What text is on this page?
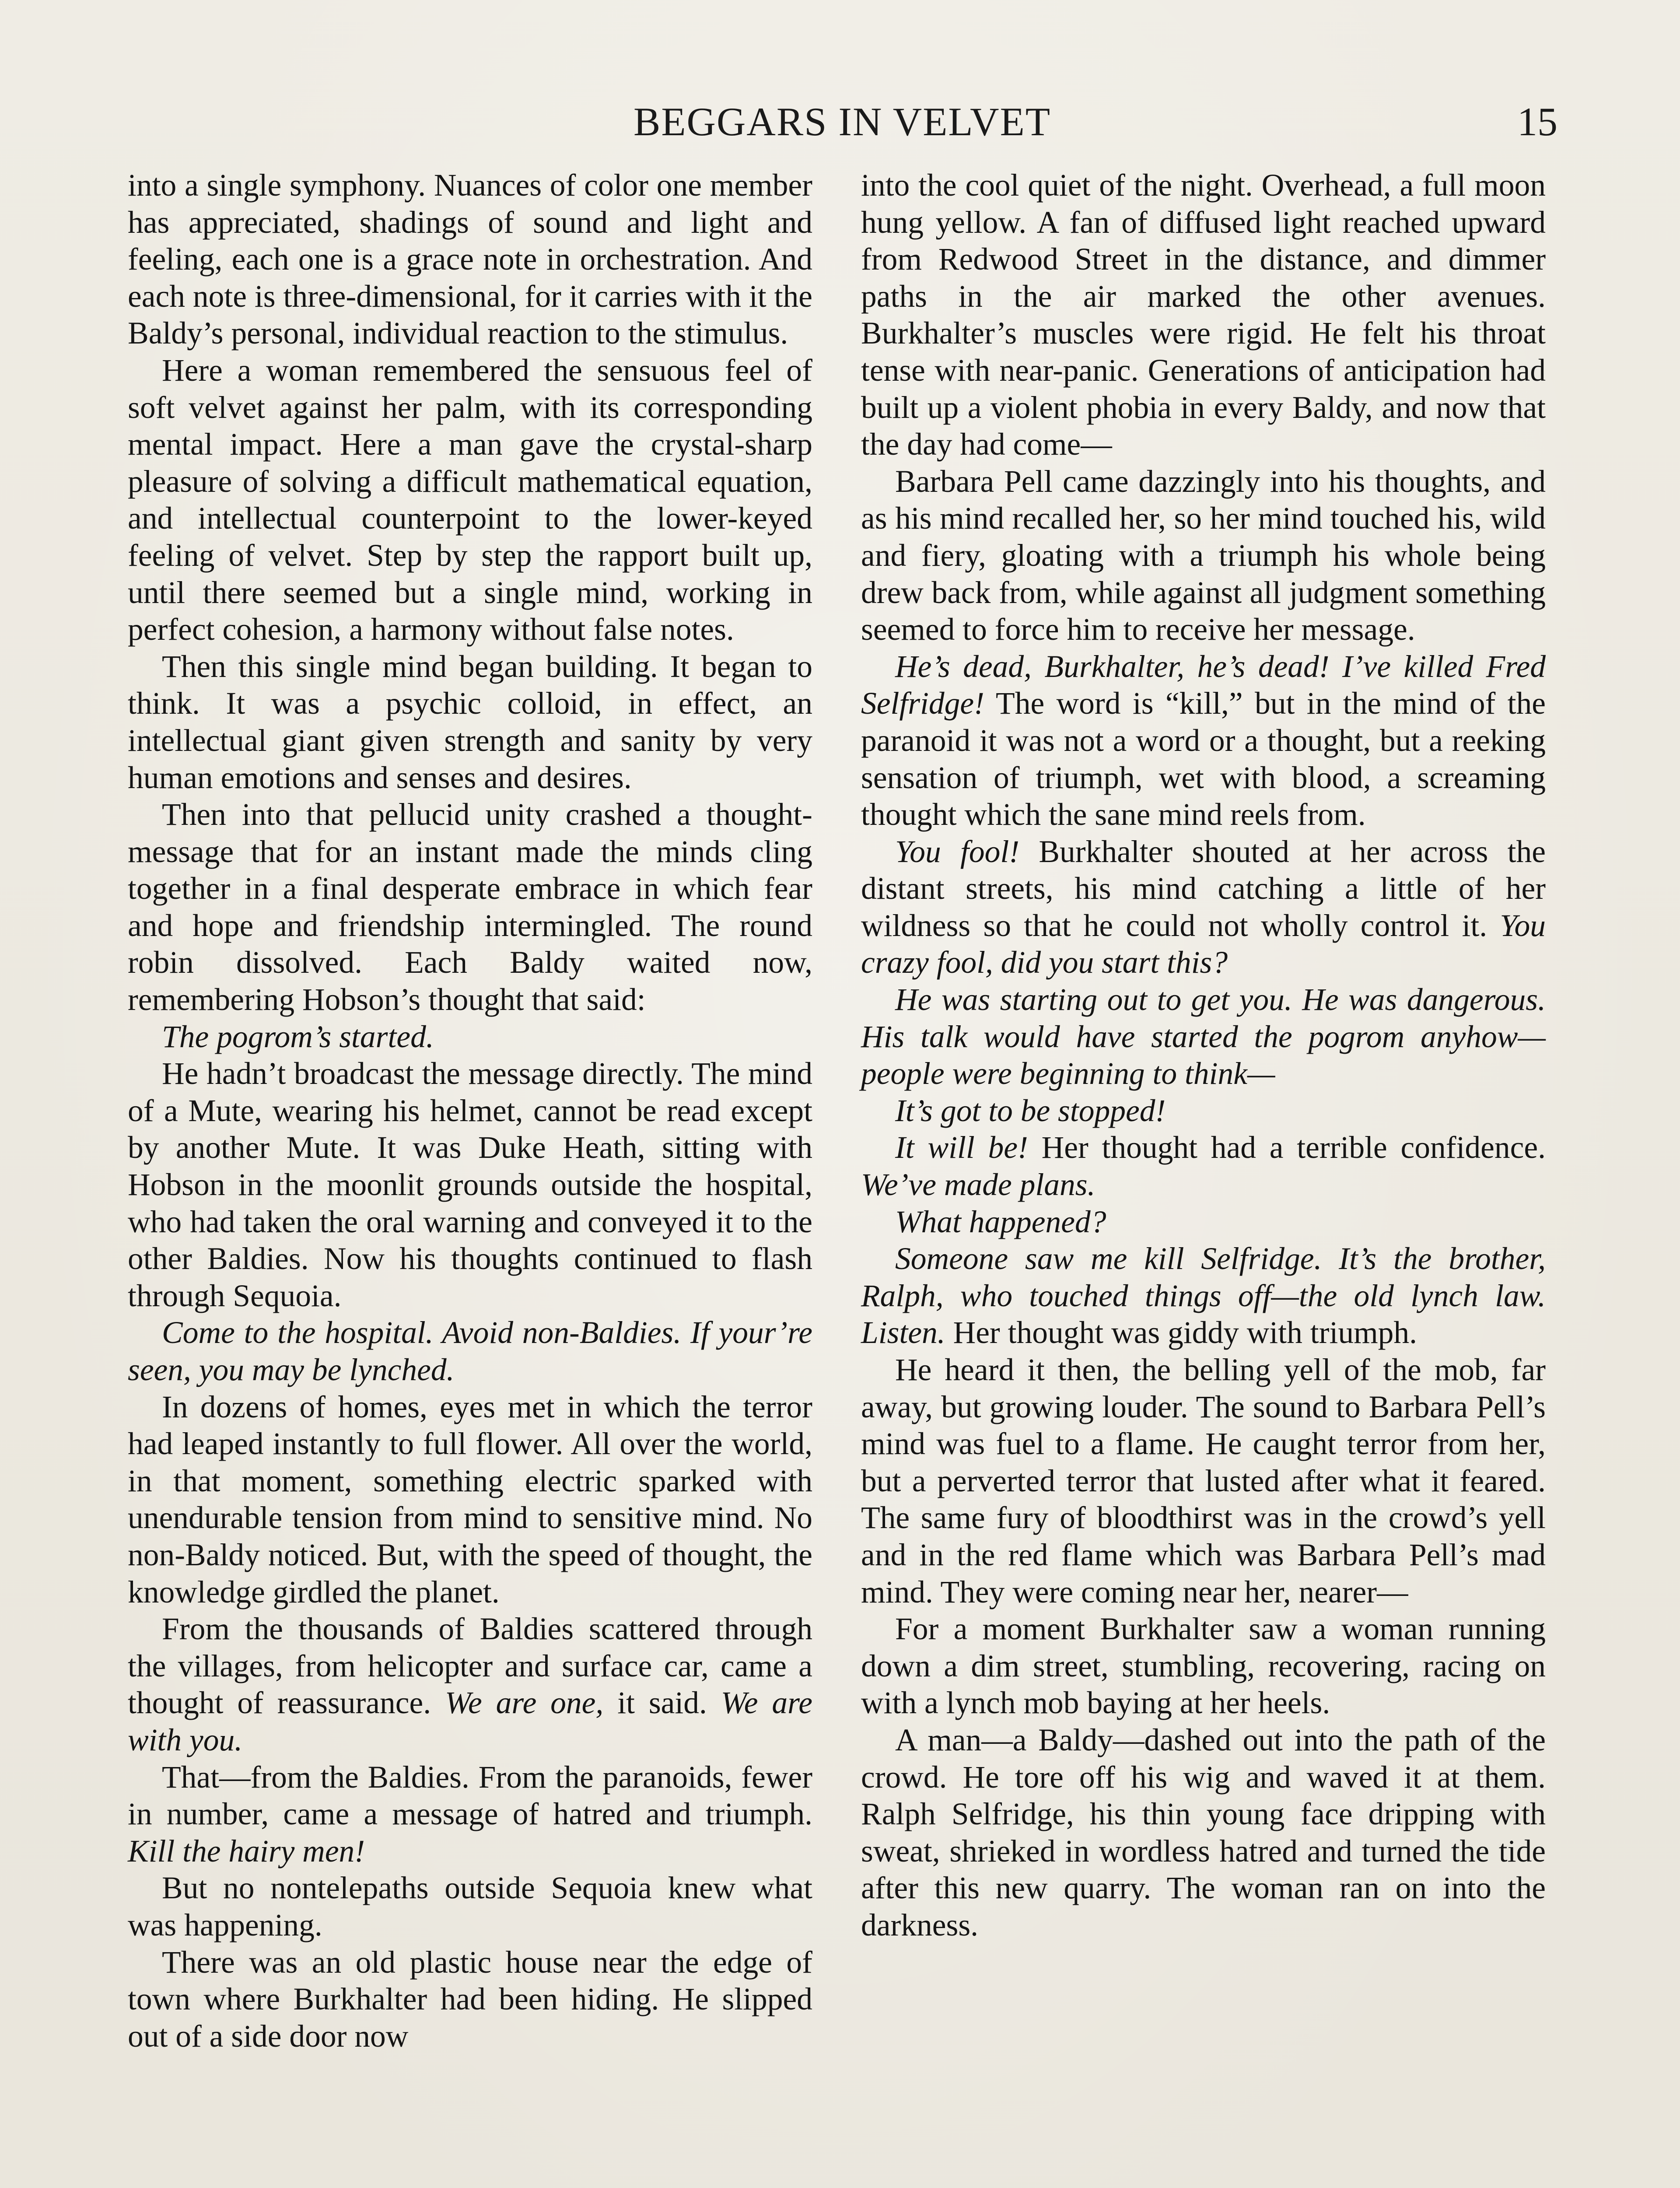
BEGGARS IN VELVET	15

into a single symphony. Nuances of color one member has appreciated, shadings of sound and light and feeling, each one is a grace note in orchestration. And each note is three-dimensional, for it carries with it the Baldy’s personal, individual reaction to the stimulus.

Here a woman remembered the sensuous feel of soft velvet against her palm, with its corresponding mental impact. Here a man gave the crystal-sharp pleasure of solving a difficult mathematical equation, and intellectual counterpoint to the lower-keyed feeling of velvet. Step by step the rapport built up, until there seemed but a single mind, working in perfect cohesion, a harmony without false notes.

Then this single mind began building. It began to think. It was a psychic colloid, in effect, an intellectual giant given strength and sanity by very human emotions and senses and desires.

Then into that pellucid unity crashed a thought-message that for an instant made the minds cling together in a final desperate embrace in which fear and hope and friendship intermingled. The round robin dissolved. Each Baldy waited now, remembering Hobson’s thought that said:

The pogrom’s started.

He hadn’t broadcast the message directly. The mind of a Mute, wearing his helmet, cannot be read except by another Mute. It was Duke Heath, sitting with Hobson in the moonlit grounds outside the hospital, who had taken the oral warning and conveyed it to the other Baldies. Now his thoughts continued to flash through Sequoia.

Come to the hospital. Avoid non-Baldies. If your’re seen, you may be lynched.

In dozens of homes, eyes met in which the terror had leaped instantly to full flower. All over the world, in that moment, something electric sparked with unendurable tension from mind to sensitive mind. No non-Baldy noticed. But, with the speed of thought, the knowledge girdled the planet.

From the thousands of Baldies scattered through the villages, from helicopter and surface car, came a thought of reassurance. We are one, it said. We are with you.

That—from the Baldies. From the paranoids, fewer in number, came a message of hatred and triumph. Kill the hairy men!

But no nontelepaths outside Sequoia knew what was happening.

There was an old plastic house near the edge of town where Burkhalter had been hiding. He slipped out of a side door now

into the cool quiet of the night. Overhead, a full moon hung yellow. A fan of diffused light reached upward from Redwood Street in the distance, and dimmer paths in the air marked the other avenues. Burkhalter’s muscles were rigid. He felt his throat tense with near-panic. Generations of anticipation had built up a violent phobia in every Baldy, and now that the day had come—

Barbara Pell came dazzingly into his thoughts, and as his mind recalled her, so her mind touched his, wild and fiery, gloating with a triumph his whole being drew back from, while against all judgment something seemed to force him to receive her message.

He’s dead, Burkhalter, he’s dead! I’ve killed Fred Selfridge! The word is “kill,” but in the mind of the paranoid it was not a word or a thought, but a reeking sensation of triumph, wet with blood, a screaming thought which the sane mind reels from.

You fool! Burkhalter shouted at her across the distant streets, his mind catching a little of her wildness so that he could not wholly control it. You crazy fool, did you start this?

He was starting out to get you. He was dangerous. His talk would have started the pogrom anyhow—people were beginning to think—

It’s got to be stopped!

It will be! Her thought had a terrible confidence. We’ve made plans.

What happened?

Someone saw me kill Selfridge. It’s the brother, Ralph, who touched things off—the old lynch law. Listen. Her thought was giddy with triumph.

He heard it then, the belling yell of the mob, far away, but growing louder. The sound to Barbara Pell’s mind was fuel to a flame. He caught terror from her, but a perverted terror that lusted after what it feared. The same fury of bloodthirst was in the crowd’s yell and in the red flame which was Barbara Pell’s mad mind. They were coming near her, nearer—

For a moment Burkhalter saw a woman running down a dim street, stumbling, recovering, racing on with a lynch mob baying at her heels.

A man—a Baldy—dashed out into the path of the crowd. He tore off his wig and waved it at them. Ralph Selfridge, his thin young face dripping with sweat, shrieked in wordless hatred and turned the tide after this new quarry. The woman ran on into the darkness.
